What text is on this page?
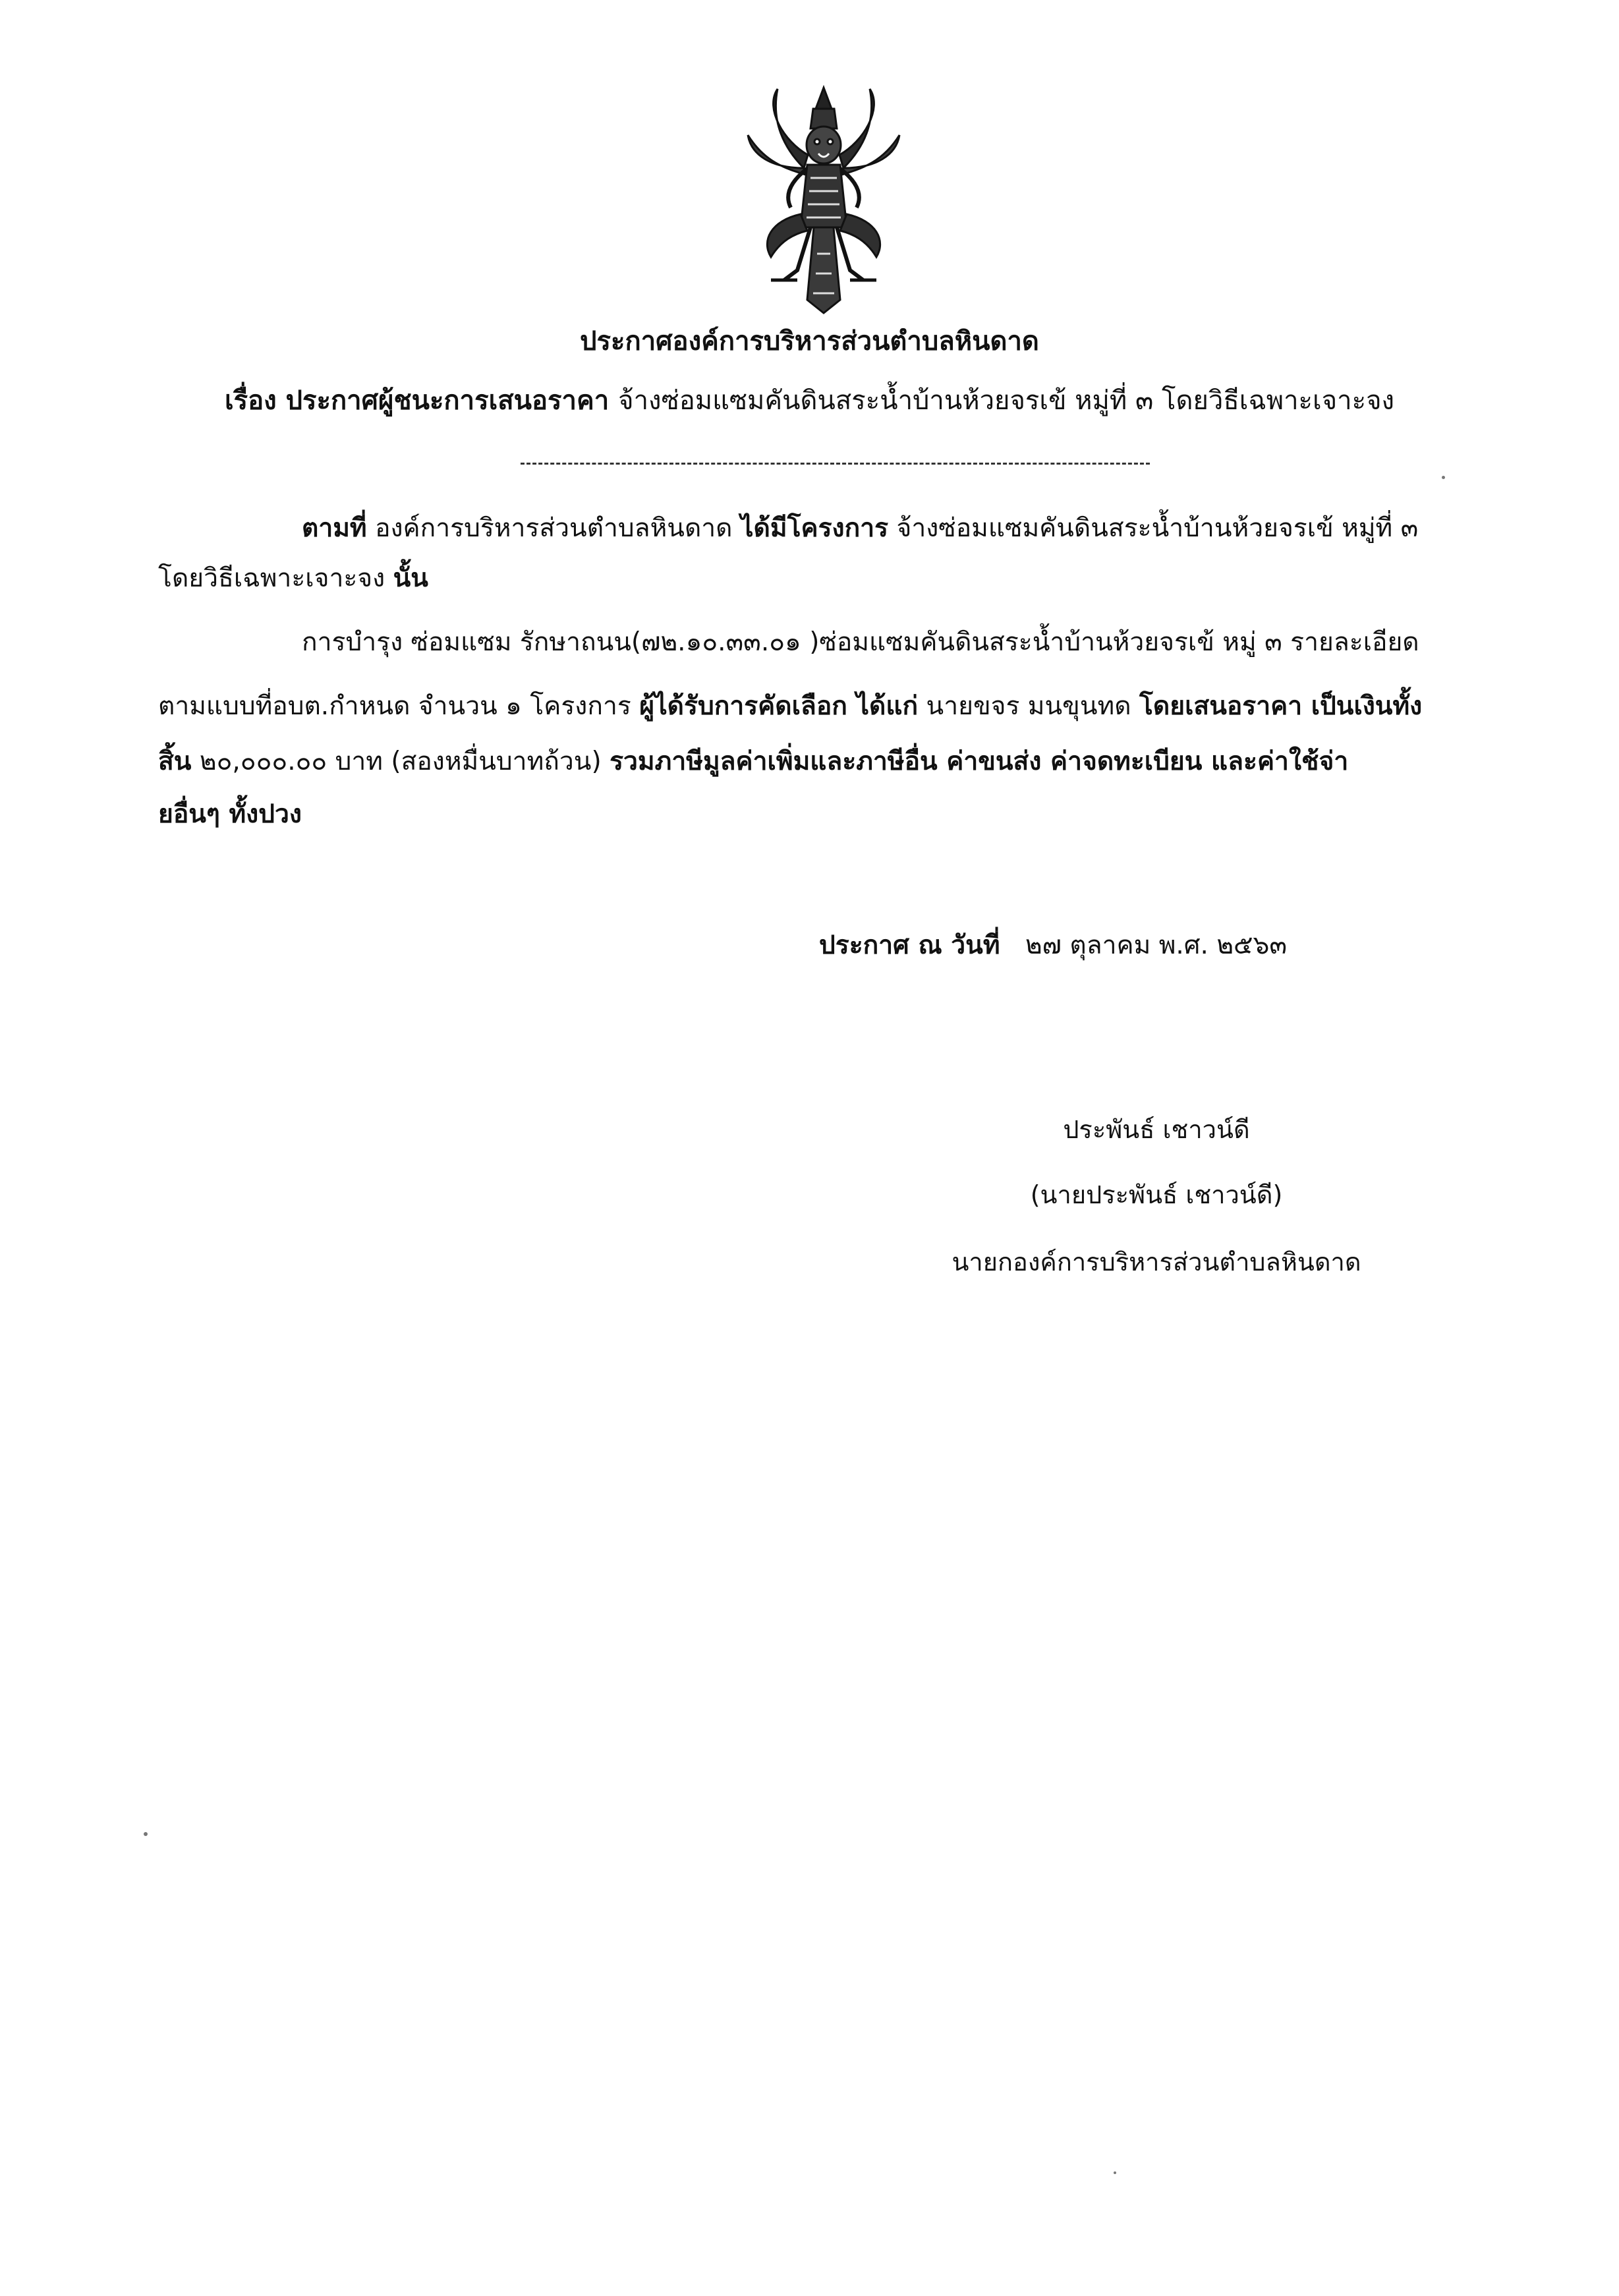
ประกาศองค์การบริหารส่วนตำบลหินดาด
เรื่อง ประกาศผู้ชนะการเสนอราคา จ้างซ่อมแซมคันดินสระน้ำบ้านห้วยจรเข้ หมู่ที่ ๓ โดยวิธีเฉพาะเจาะจง
ตามที่ องค์การบริหารส่วนตำบลหินดาด ได้มีโครงการ จ้างซ่อมแซมคันดินสระน้ำบ้านห้วยจรเข้ หมู่ที่ ๓
โดยวิธีเฉพาะเจาะจง นั้น
การบำรุง ซ่อมแซม รักษาถนน(๗๒.๑๐.๓๓.๐๑ )ซ่อมแซมคันดินสระน้ำบ้านห้วยจรเข้ หมู่ ๓ รายละเอียด
ตามแบบที่อบต.กำหนด จำนวน ๑ โครงการ ผู้ได้รับการคัดเลือก ได้แก่ นายขจร มนขุนทด โดยเสนอราคา เป็นเงินทั้ง
สิ้น ๒๐,๐๐๐.๐๐ บาท (สองหมื่นบาทถ้วน) รวมภาษีมูลค่าเพิ่มและภาษีอื่น ค่าขนส่ง ค่าจดทะเบียน และค่าใช้จ่า
ยอื่นๆ ทั้งปวง
ประกาศ ณ วันที่ ๒๗ ตุลาคม พ.ศ. ๒๕๖๓
ประพันธ์ เชาวน์ดี
(นายประพันธ์ เชาวน์ดี)
นายกองค์การบริหารส่วนตำบลหินดาด
